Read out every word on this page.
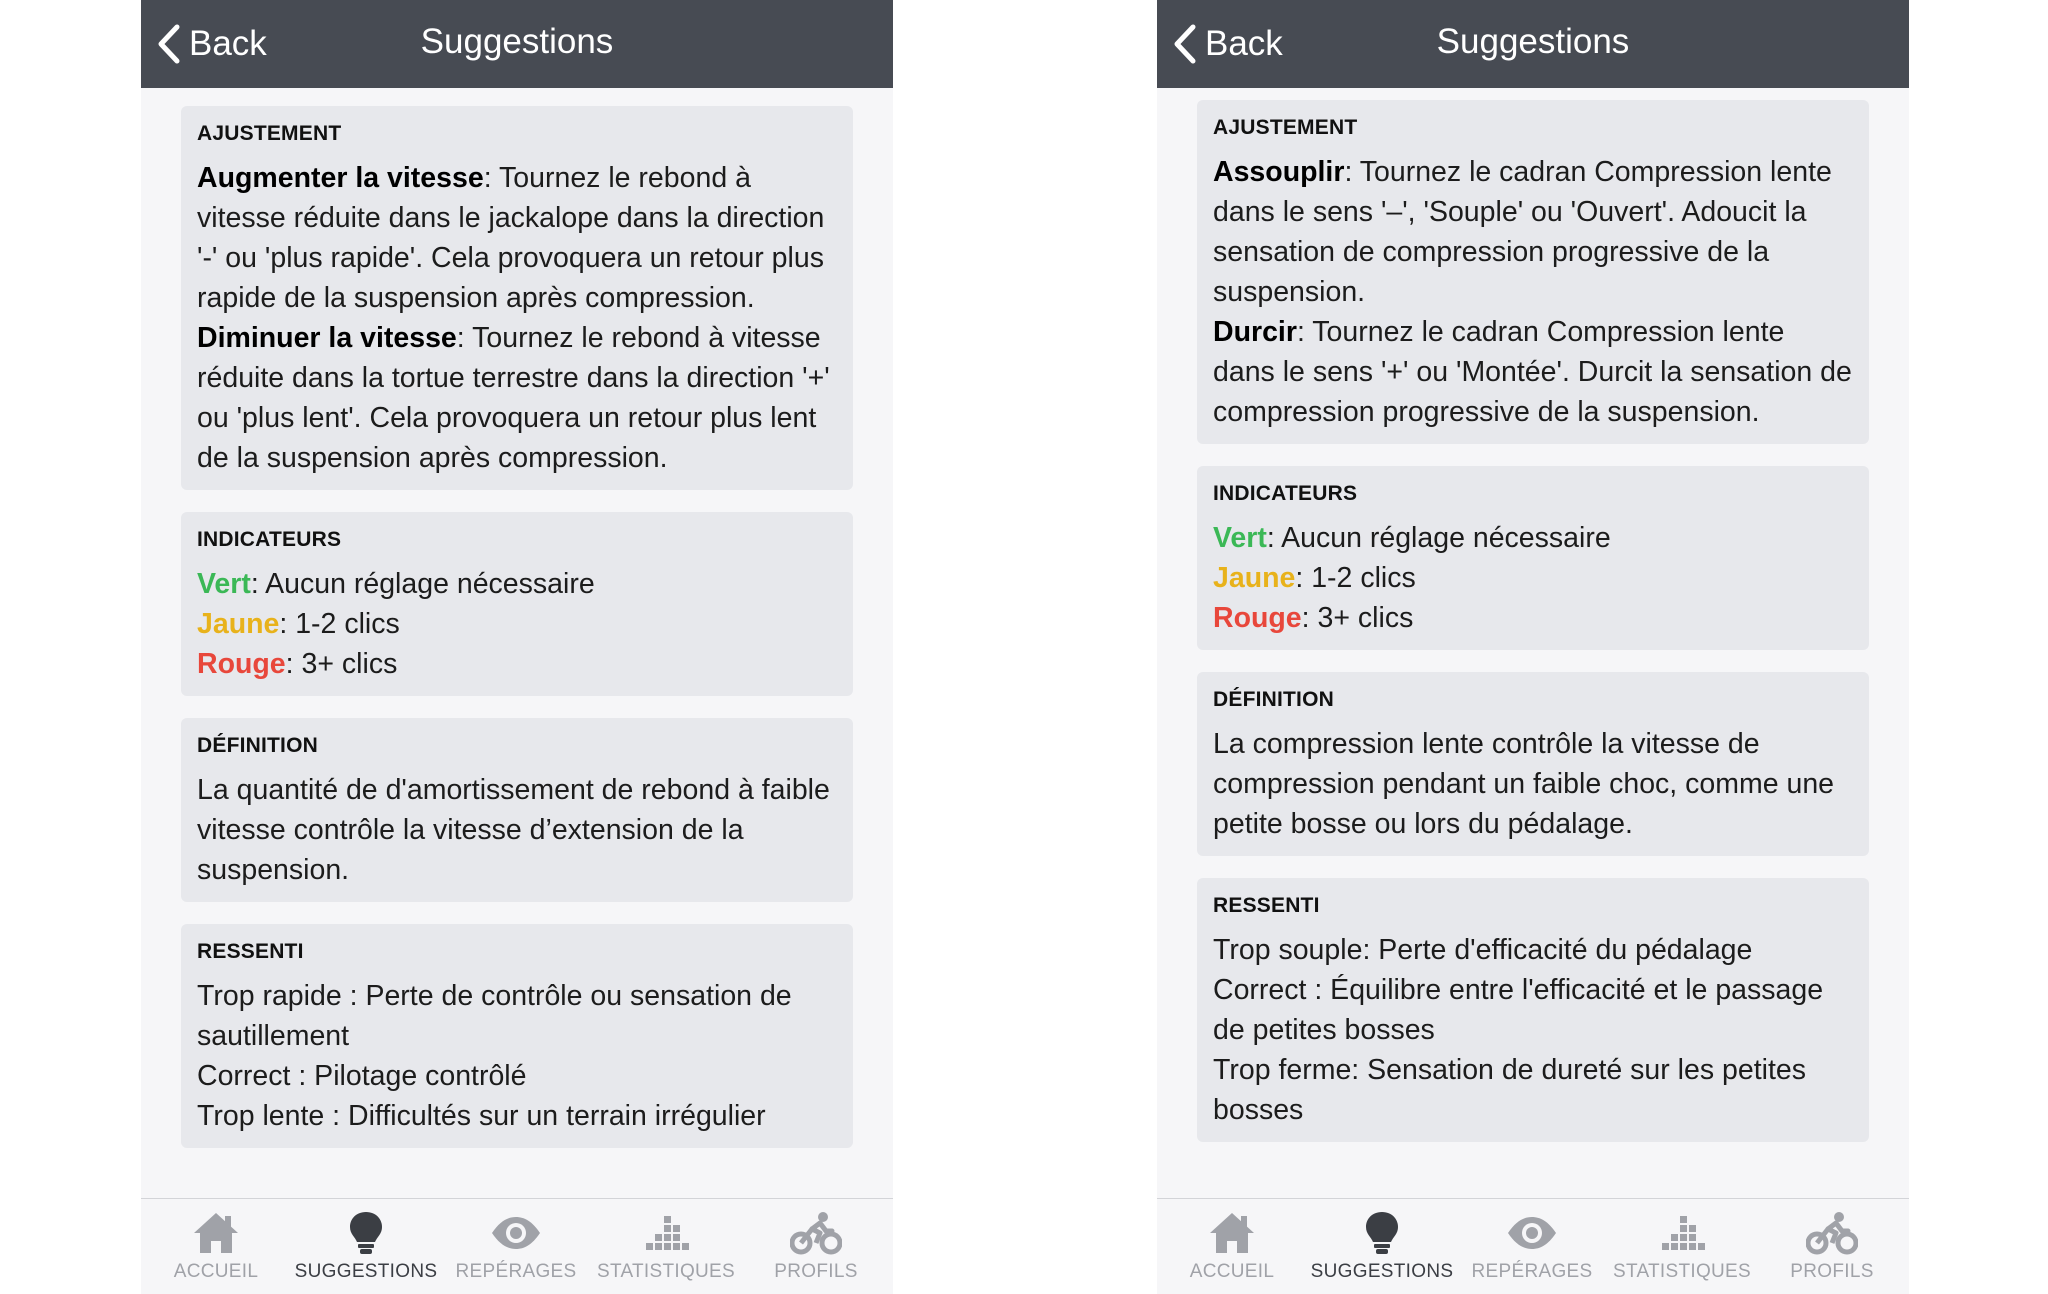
Back	Suggestions
AJUSTEMENT

Augmenter la vitesse: Tournez le rebond à vitesse réduite dans le jackalope dans la direction '-' ou 'plus rapide'. Cela provoquera un retour plus rapide de la suspension après compression.

Diminuer la vitesse: Tournez le rebond à vitesse réduite dans la tortue terrestre dans la direction '+' ou 'plus lent'. Cela provoquera un retour plus lent de la suspension après compression.

INDICATEURS

Vert: Aucun réglage nécessaire

Jaune: 1-2 clics

Rouge: 3+ clics

DÉFINITION

La quantité de d'amortissement de rebond à faible vitesse contrôle la vitesse d’extension de la suspension.

RESSENTI

Trop rapide : Perte de contrôle ou sensation de sautillement

Correct : Pilotage contrôlé

Trop lente : Difficultés sur un terrain irrégulier

ACCUEIL	SUGGESTIONS REPÉRAGES	STATISTIQUES	PROFILS
Back	Suggestions
AJUSTEMENT

Assouplir: Tournez le cadran Compression lente dans le sens '–', 'Souple' ou 'Ouvert'. Adoucit la sensation de compression progressive de la suspension.

Durcir: Tournez le cadran Compression lente dans le sens '+' ou 'Montée'. Durcit la sensation de compression progressive de la suspension.

INDICATEURS

Vert: Aucun réglage nécessaire

Jaune: 1-2 clics

Rouge: 3+ clics

DÉFINITION

La compression lente contrôle la vitesse de compression pendant un faible choc, comme une petite bosse ou lors du pédalage.

RESSENTI

Trop souple: Perte d'efficacité du pédalage

Correct : Équilibre entre l'efficacité et le passage de petites bosses

Trop ferme: Sensation de dureté sur les petites bosses

ACCUEIL	SUGGESTIONS REPÉRAGES	STATISTIQUES	PROFILS
